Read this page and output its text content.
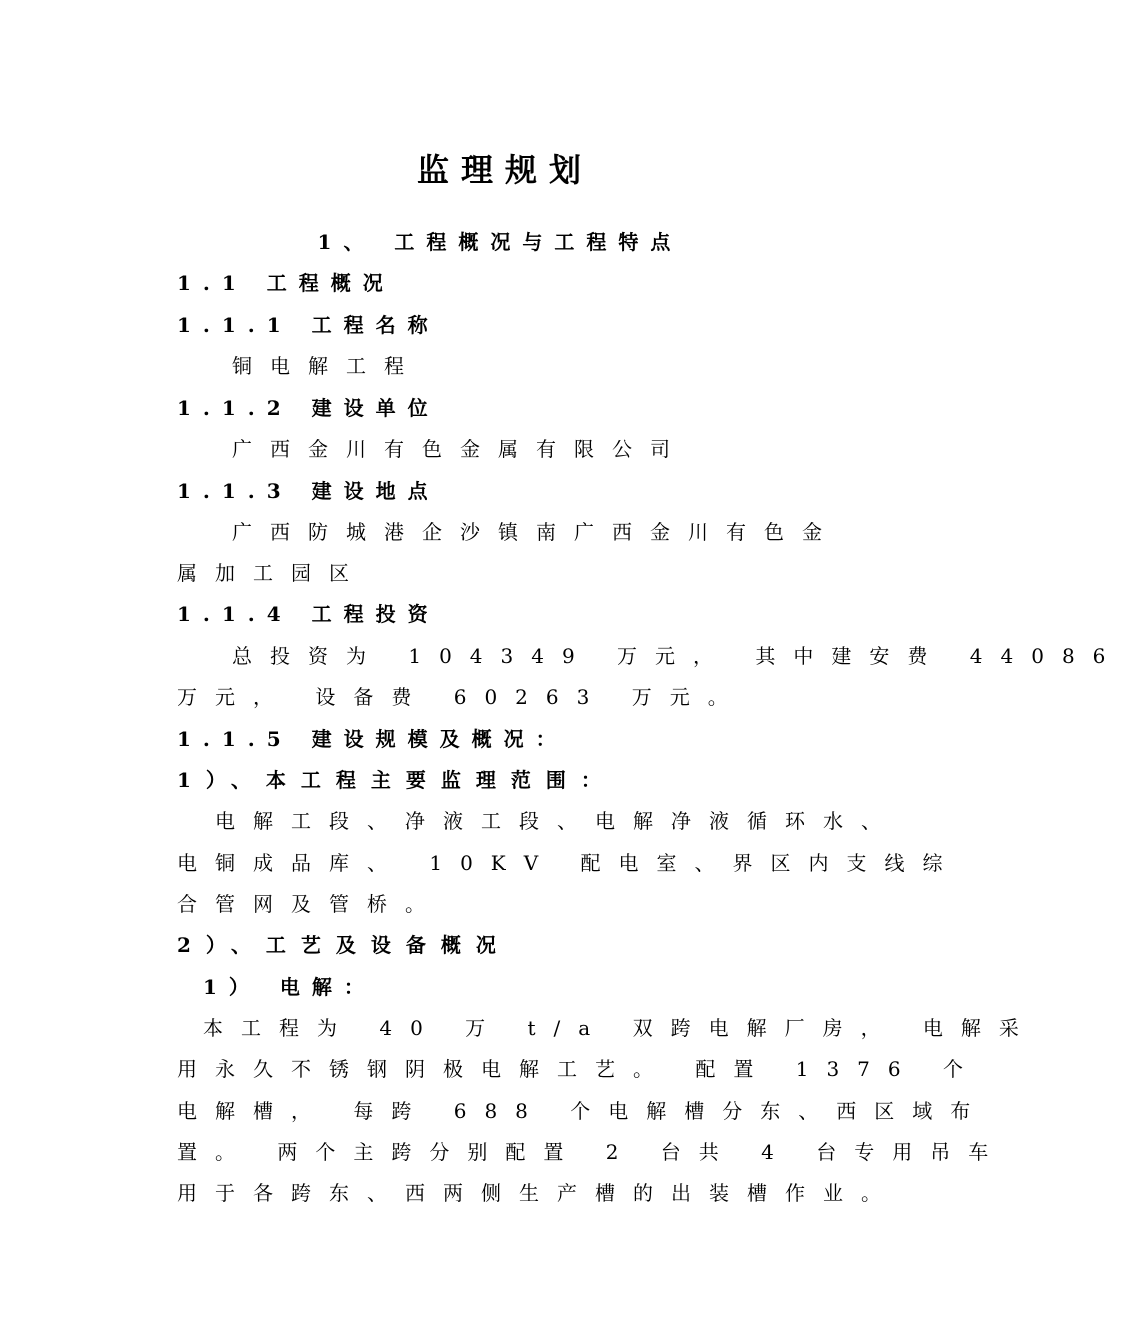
监理规划
1、 工程概况与工程特点
1.1 工程概况
1.1.1 工程名称
铜电解工程
1.1.2 建设单位
广西金川有色金属有限公司
1.1.3 建设地点
广西防城港企沙镇南广西金川有色金
属加工园区
1.1.4 工程投资
总投资为 104349 万元， 其中建安费 44086
万元， 设备费 60263 万元。
1.1.5 建设规模及概况：
1）、本工程主要监理范围：
电解工段、净液工段、电解净液循环水、
电铜成品库、 10KV 配电室、界区内支线综
合管网及管桥。
2）、工艺及设备概况
1） 电解：
本工程为 40 万 t/a 双跨电解厂房， 电解采
用永久不锈钢阴极电解工艺。 配置 1376 个
电解槽， 每跨 688 个电解槽分东、西区域布
置。 两个主跨分别配置 2 台共 4 台专用吊车
用于各跨东、西两侧生产槽的出装槽作业。
